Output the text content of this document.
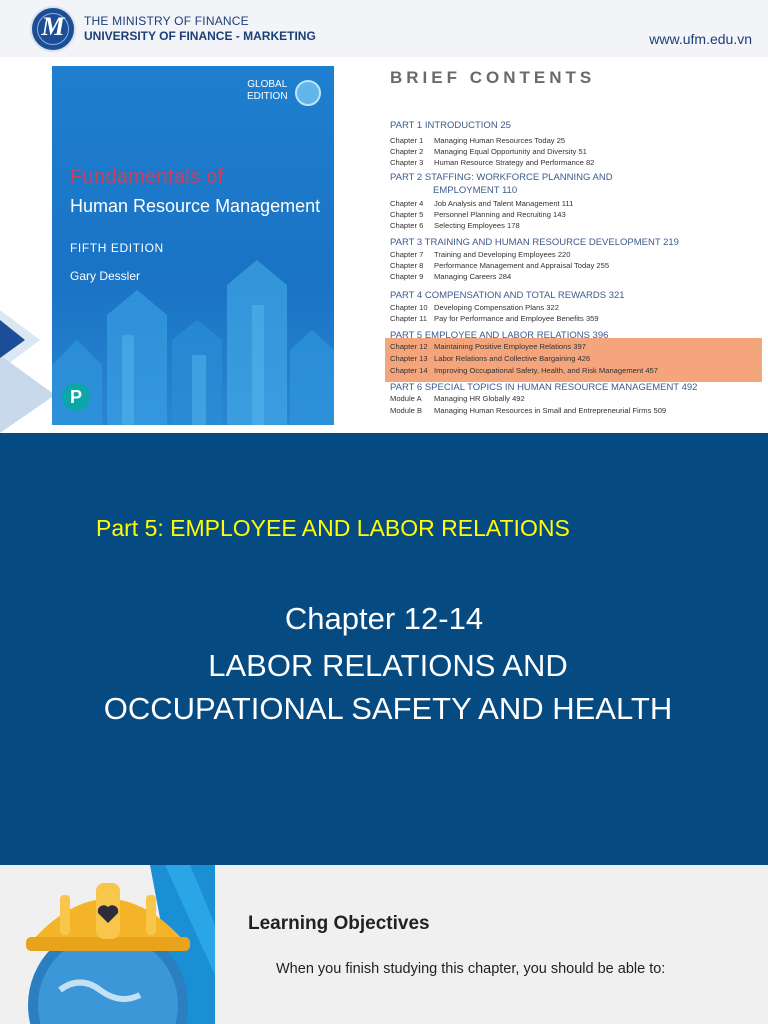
M	THE MINISTRY OF FINANCE
UNIVERSITY OF FINANCE - MARKETING	www.ufm.edu.vn
GLOBAL
EDITION
Fundamentals of
Human Resource Management
FIFTH EDITION
Gary Dessler
P
BRIEF CONTENTS
PART 1 INTRODUCTION 25
Chapter 1 Managing Human Resources Today 25
Chapter 2 Managing Equal Opportunity and Diversity 51
Chapter 3 Human Resource Strategy and Performance 82
PART 2 STAFFING: WORKFORCE PLANNING AND
EMPLOYMENT 110
Chapter 4 Job Analysis and Talent Management 111
Chapter 5 Personnel Planning and Recruiting 143
Chapter 6 Selecting Employees 178
PART 3 TRAINING AND HUMAN RESOURCE DEVELOPMENT 219
Chapter 7 Training and Developing Employees 220
Chapter 8 Performance Management and Appraisal Today 255
Chapter 9 Managing Careers 284
PART 4 COMPENSATION AND TOTAL REWARDS 321
Chapter 10 Developing Compensation Plans 322
Chapter 11 Pay for Performance and Employee Benefits 359
PART 5 EMPLOYEE AND LABOR RELATIONS 396
Chapter 12 Maintaining Positive Employee Relations 397
Chapter 13 Labor Relations and Collective Bargaining 426
Chapter 14 Improving Occupational Safety, Health, and Risk Management 457
PART 6 SPECIAL TOPICS IN HUMAN RESOURCE MANAGEMENT 492
Module A Managing HR Globally 492
Module B Managing Human Resources in Small and Entrepreneurial Firms 509
Part 5: EMPLOYEE AND LABOR RELATIONS
Chapter 12-14
LABOR RELATIONS AND
OCCUPATIONAL SAFETY AND HEALTH
Learning Objectives
When you finish studying this chapter, you should be able to:
